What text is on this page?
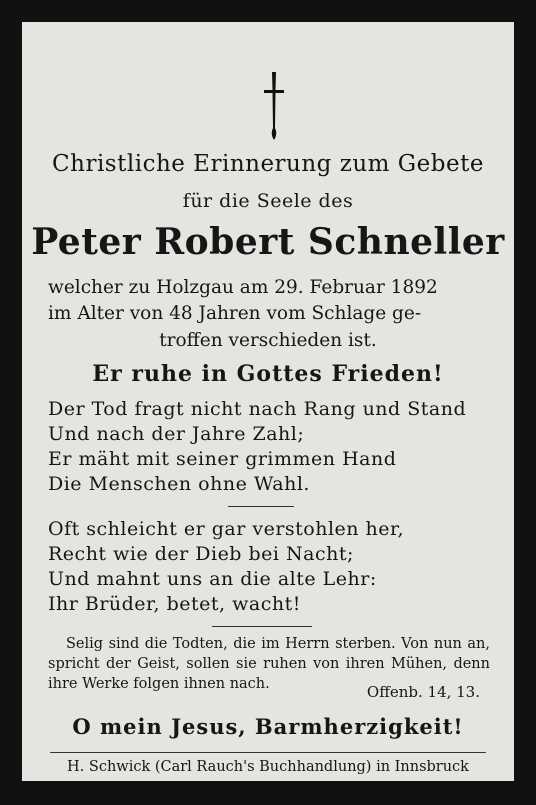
Christliche Erinnerung zum Gebete
für die Seele des
Peter Robert Schneller
welcher zu Holzgau am 29. Februar 1892
im Alter von 48 Jahren vom Schlage ge-
troffen verschieden ist.
Er ruhe in Gottes Frieden!
Der Tod fragt nicht nach Rang und Stand
Und nach der Jahre Zahl;
Er mäht mit seiner grimmen Hand
Die Menschen ohne Wahl.
Oft schleicht er gar verstohlen her,
Recht wie der Dieb bei Nacht;
Und mahnt uns an die alte Lehr:
Ihr Brüder, betet, wacht!

Selig sind die Todten, die im Herrn sterben. Von nun an, spricht der Geist, sollen sie ruhen von ihren Mühen, denn ihre Werke folgen ihnen nach.	Offenb. 14, 13.
O mein Jesus, Barmherzigkeit!
H. Schwick (Carl Rauch's Buchhandlung) in Innsbruck
